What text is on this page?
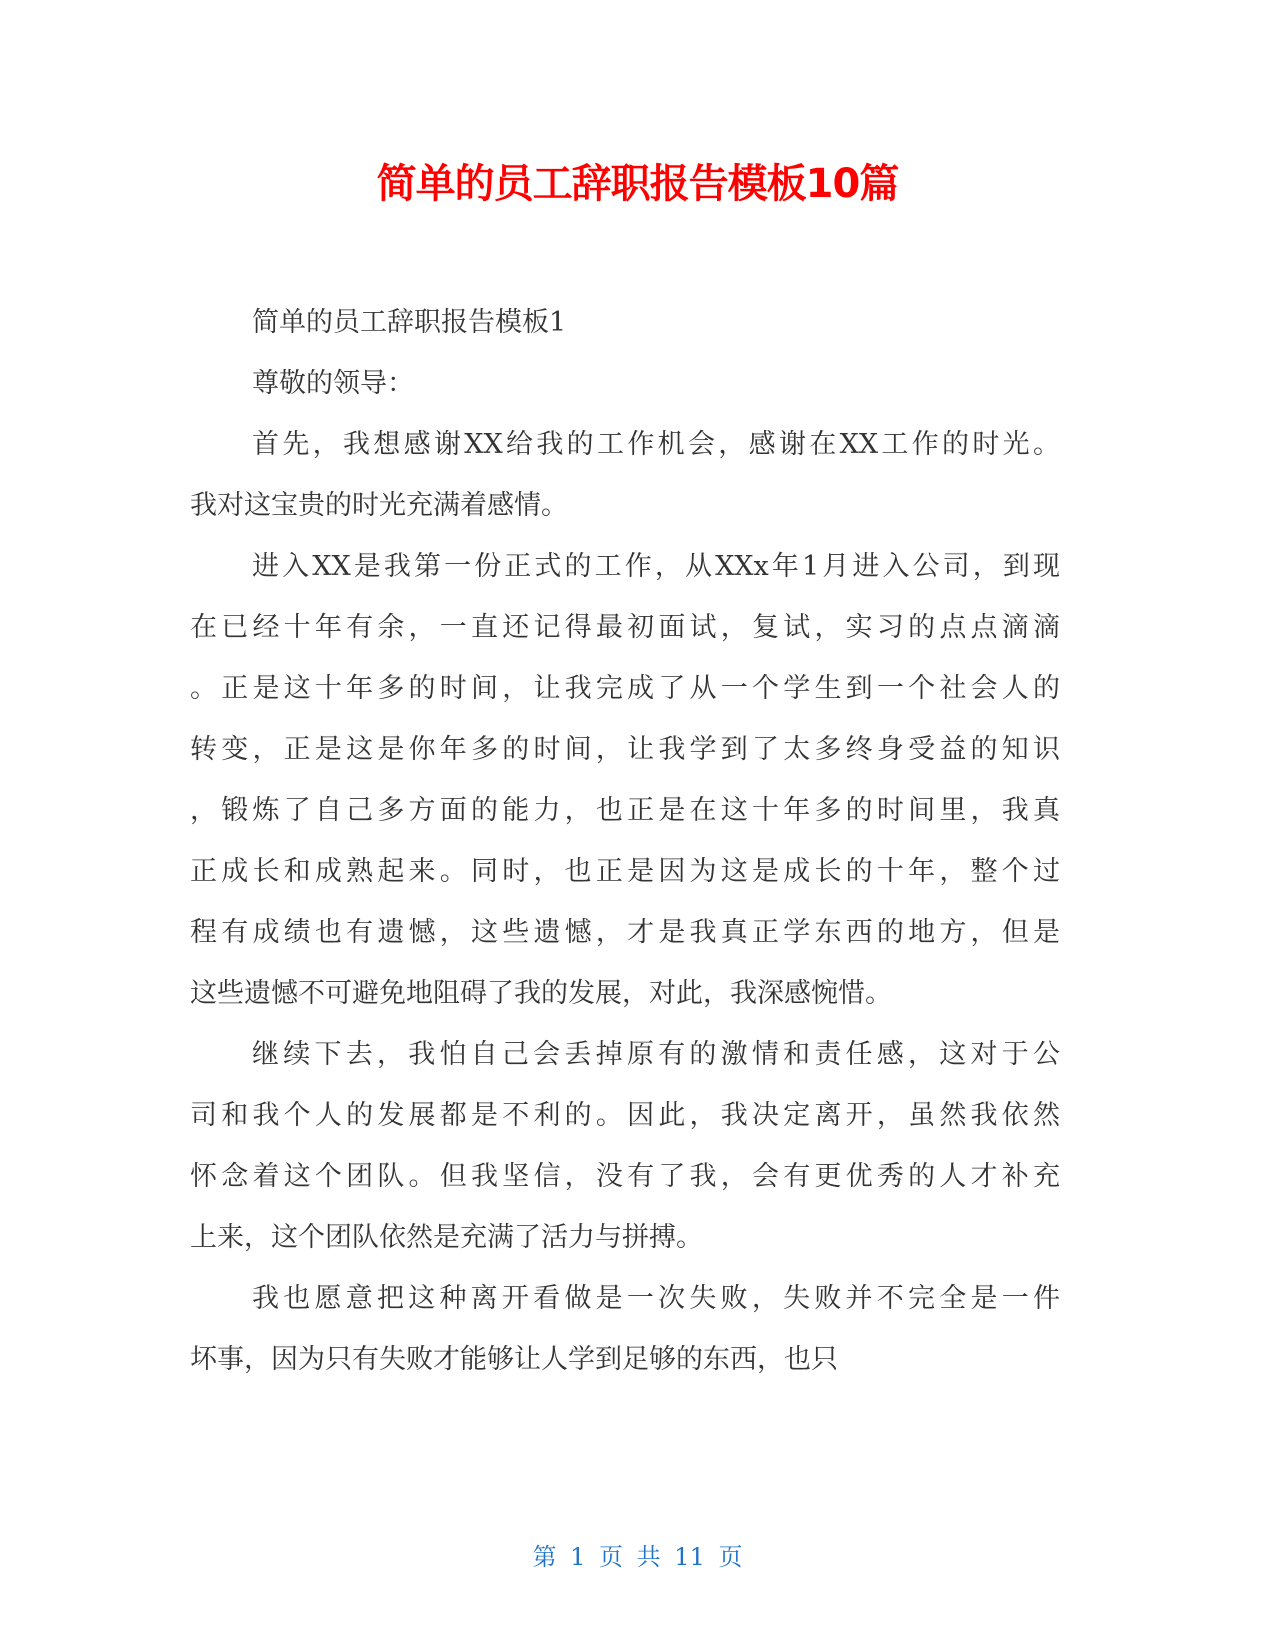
简单的员工辞职报告模板10篇
简单的员工辞职报告模板1
尊敬的领导：
首先，我想感谢XX给我的工作机会，感谢在XX工作的时光。
我对这宝贵的时光充满着感情。
进入XX是我第一份正式的工作，从XXx年1月进入公司，到现
在已经十年有余，一直还记得最初面试，复试，实习的点点滴滴
。正是这十年多的时间，让我完成了从一个学生到一个社会人的
转变，正是这是你年多的时间，让我学到了太多终身受益的知识
，锻炼了自己多方面的能力，也正是在这十年多的时间里，我真
正成长和成熟起来。同时，也正是因为这是成长的十年，整个过
程有成绩也有遗憾，这些遗憾，才是我真正学东西的地方，但是
这些遗憾不可避免地阻碍了我的发展，对此，我深感惋惜。
继续下去，我怕自己会丢掉原有的激情和责任感，这对于公
司和我个人的发展都是不利的。因此，我决定离开，虽然我依然
怀念着这个团队。但我坚信，没有了我，会有更优秀的人才补充
上来，这个团队依然是充满了活力与拼搏。
我也愿意把这种离开看做是一次失败，失败并不完全是一件
坏事，因为只有失败才能够让人学到足够的东西，也只
第 1 页 共 11 页
